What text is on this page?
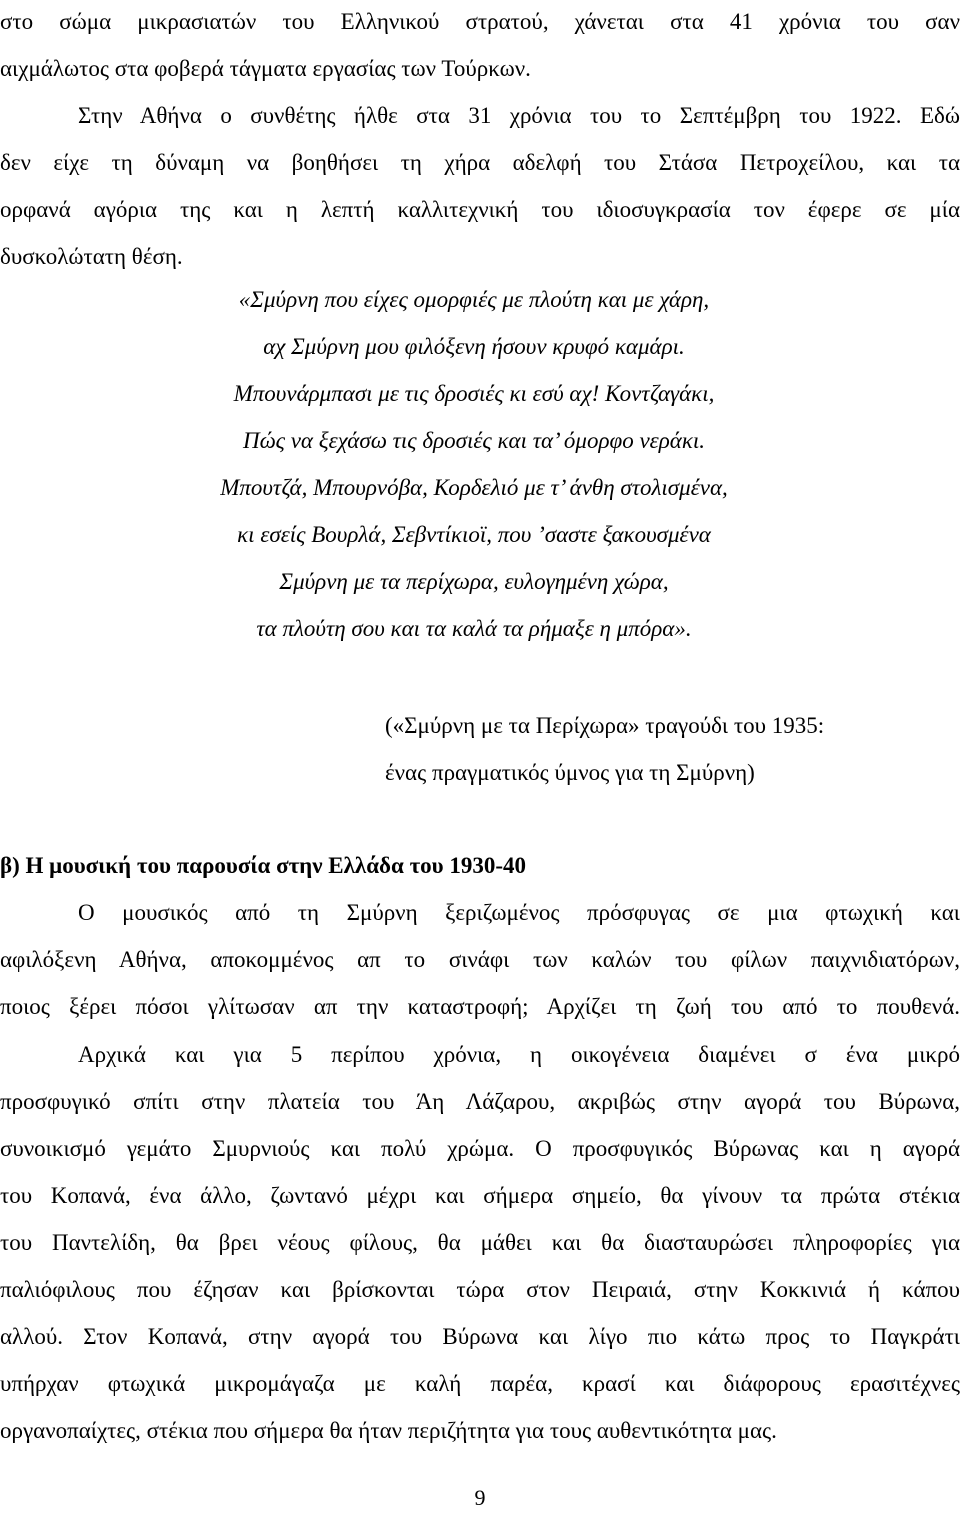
στο σώμα μικρασιατών του Ελληνικού στρατού, χάνεται στα 41 χρόνια του σαν
αιχμάλωτος στα φοβερά τάγματα εργασίας των Τούρκων.
Στην Αθήνα ο συνθέτης ήλθε στα 31 χρόνια του το Σεπτέμβρη του 1922. Εδώ
δεν είχε τη δύναμη να βοηθήσει τη χήρα αδελφή του Στάσα Πετροχείλου, και τα
ορφανά αγόρια της και η λεπτή καλλιτεχνική του ιδιοσυγκρασία τον έφερε σε μία
δυσκολώτατη θέση.
«Σμύρνη που είχες ομορφιές με πλούτη και με χάρη,
αχ Σμύρνη μου φιλόξενη ήσουν κρυφό καμάρι.
Μπουνάρμπασι με τις δροσιές κι εσύ αχ! Κοντζαγάκι,
Πώς να ξεχάσω τις δροσιές και τα’ όμορφο νεράκι.
Μπουτζά, Μπουρνόβα, Κορδελιό με τ’ άνθη στολισμένα,
κι εσείς Βουρλά, Σεβντίκιοϊ, που ’σαστε ξακουσμένα
Σμύρνη με τα περίχωρα, ευλογημένη χώρα,
τα πλούτη σου και τα καλά τα ρήμαξε η μπόρα».
(«Σμύρνη με τα Περίχωρα» τραγούδι του 1935:
ένας πραγματικός ύμνος για τη Σμύρνη)
β) Η μουσική του παρουσία στην Ελλάδα του 1930-40
Ο μουσικός από τη Σμύρνη ξεριζωμένος πρόσφυγας σε μια φτωχική και
αφιλόξενη Αθήνα, αποκομμένος απ το σινάφι των καλών του φίλων παιχνιδιατόρων,
ποιος ξέρει πόσοι γλίτωσαν απ την καταστροφή; Αρχίζει τη ζωή του από το πουθενά.
Αρχικά και για 5 περίπου χρόνια, η οικογένεια διαμένει σ ένα μικρό
προσφυγικό σπίτι στην πλατεία του Άη Λάζαρου, ακριβώς στην αγορά του Βύρωνα,
συνοικισμό γεμάτο Σμυρνιούς και πολύ χρώμα. Ο προσφυγικός Βύρωνας και η αγορά
του Κοπανά, ένα άλλο, ζωντανό μέχρι και σήμερα σημείο, θα γίνουν τα πρώτα στέκια
του Παντελίδη, θα βρει νέους φίλους, θα μάθει και θα διασταυρώσει πληροφορίες για
παλιόφιλους που έζησαν και βρίσκονται τώρα στον Πειραιά, στην Κοκκινιά ή κάπου
αλλού. Στον Κοπανά, στην αγορά του Βύρωνα και λίγο πιο κάτω προς το Παγκράτι
υπήρχαν φτωχικά μικρομάγαζα με καλή παρέα, κρασί και διάφορους ερασιτέχνες
οργανοπαίχτες, στέκια που σήμερα θα ήταν περιζήτητα για τους αυθεντικότητα μας.
9
